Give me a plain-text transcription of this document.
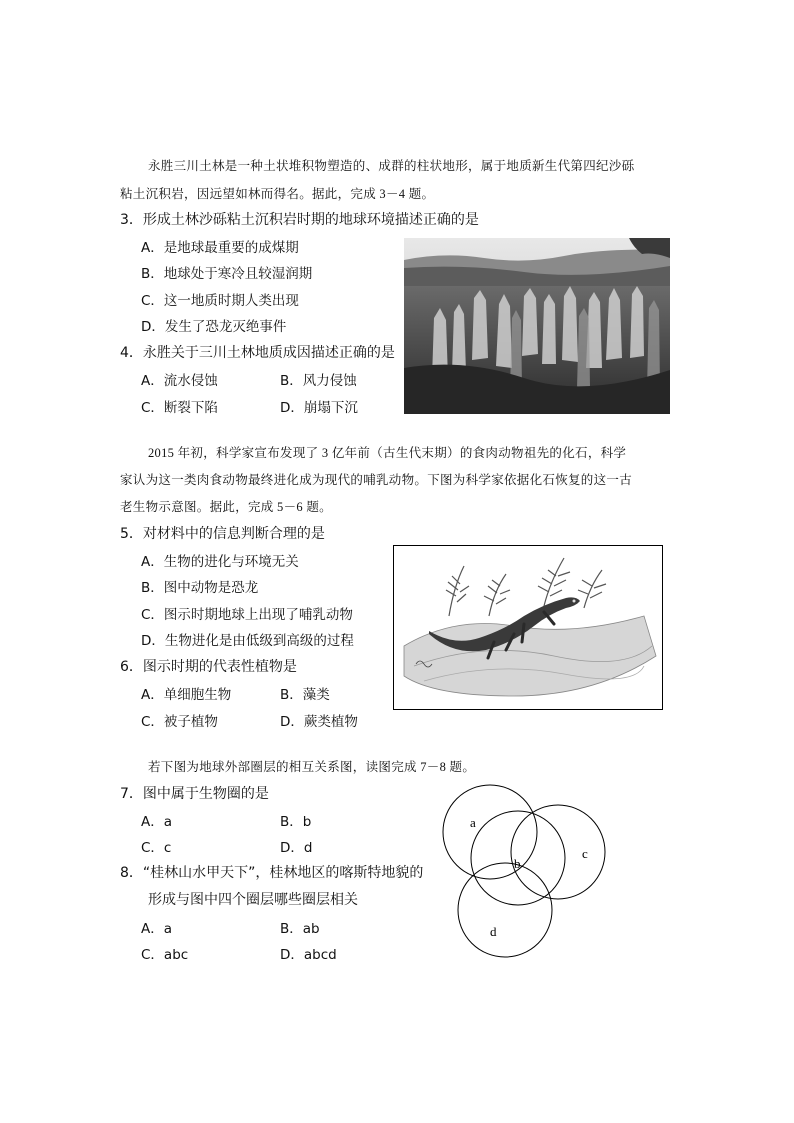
永胜三川土林是一种土状堆积物塑造的、成群的柱状地形，属于地质新生代第四纪沙砾
粘土沉积岩，因远望如林而得名。据此，完成 3－4 题。
3．形成土林沙砾粘土沉积岩时期的地球环境描述正确的是
A．是地球最重要的成煤期
B．地球处于寒冷且较湿润期
C．这一地质时期人类出现
D．发生了恐龙灭绝事件
4．永胜关于三川土林地质成因描述正确的是
A．流水侵蚀	B．风力侵蚀
C．断裂下陷	D．崩塌下沉
2015 年初，科学家宣布发现了 3 亿年前（古生代末期）的食肉动物祖先的化石，科学
家认为这一类肉食动物最终进化成为现代的哺乳动物。下图为科学家依据化石恢复的这一古
老生物示意图。据此，完成 5－6 题。
5．对材料中的信息判断合理的是
A．生物的进化与环境无关
B．图中动物是恐龙
C．图示时期地球上出现了哺乳动物
D．生物进化是由低级到高级的过程
6．图示时期的代表性植物是
A．单细胞生物	B．藻类
C．被子植物	D．蕨类植物
若下图为地球外部圈层的相互关系图，读图完成 7－8 题。
7．图中属于生物圈的是
A．a	B．b
C．c	D．d
8．“桂林山水甲天下”，桂林地区的喀斯特地貌的
形成与图中四个圈层哪些圈层相关
A．a	B．ab
C．abc	D．abcd
a
b
c
d
